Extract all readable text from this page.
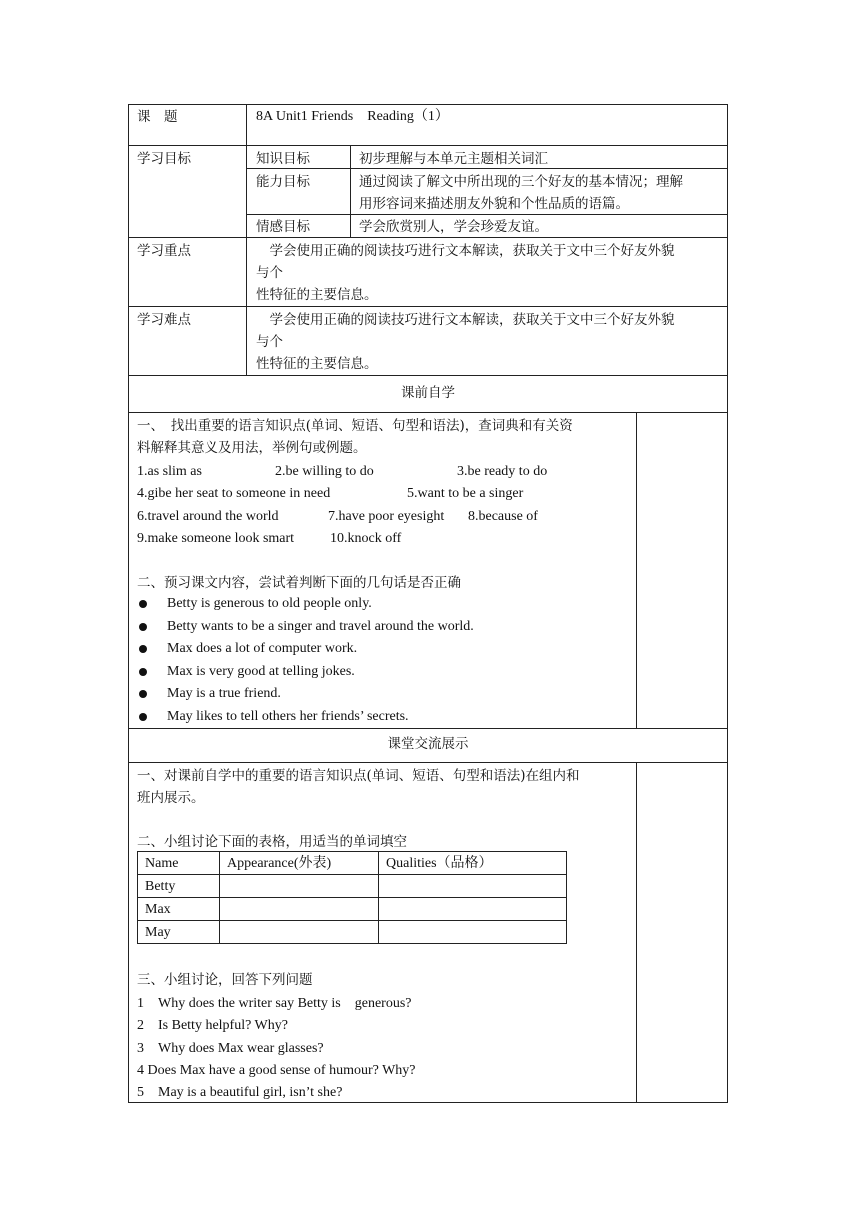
课　题	8A Unit1 Friends　Reading（1）
学习目标	知识目标	初步理解与本单元主题相关词汇
能力目标	通过阅读了解文中所出现的三个好友的基本情况；理解
用形容词来描述朋友外貌和个性品质的语篇。
情感目标	学会欣赏别人，学会珍爱友谊。
学习重点	　学会使用正确的阅读技巧进行文本解读，获取关于文中三个好友外貌
与个
性特征的主要信息。
学习难点	　学会使用正确的阅读技巧进行文本解读，获取关于文中三个好友外貌
与个
性特征的主要信息。
课前自学
一、　找出重要的语言知识点(单词、短语、句型和语法)，查词典和有关资
料解释其意义及用法，举例句或例题。
1.as slim as	2.be willing to do	3.be ready to do
4.gibe her seat to someone in need	5.want to be a singer
6.travel around the world	7.have poor eyesight 8.because of
9.make someone look smart	10.knock off
二、预习课文内容，尝试着判断下面的几句话是否正确
Betty is generous to old people only.
Betty wants to be a singer and travel around the world.
Max does a lot of computer work.
Max is very good at telling jokes.
May is a true friend.
May likes to tell others her friends’ secrets.
课堂交流展示
一、对课前自学中的重要的语言知识点(单词、短语、句型和语法)在组内和
班内展示。
二、小组讨论下面的表格，用适当的单词填空
Name	Appearance(外表)	Qualities（品格）
Betty		
Max		
May		
三、小组讨论，回答下列问题
1　Why does the writer say Betty is　generous?
2　Is Betty helpful? Why?
3　Why does Max wear glasses?
4 Does Max have a good sense of humour? Why?
5　May is a beautiful girl, isn’t she?
